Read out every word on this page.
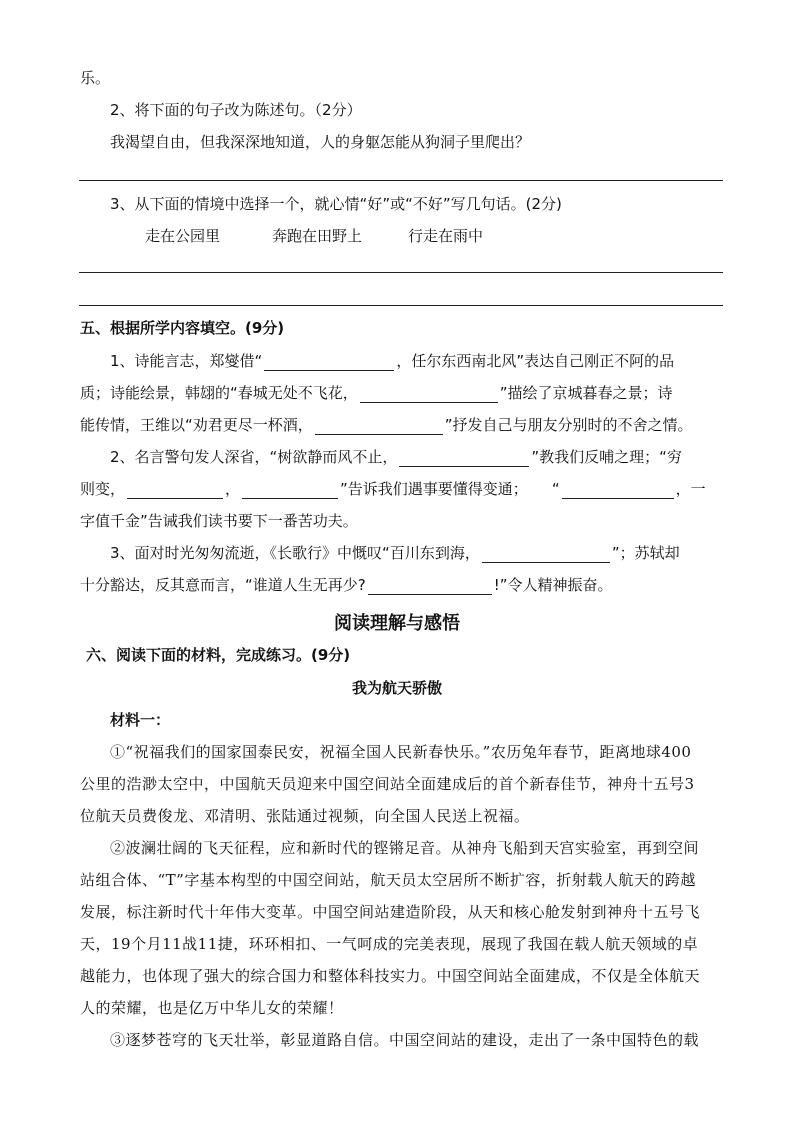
乐。
2、将下面的句子改为陈述句。（2分）
我渴望自由，但我深深地知道，人的身躯怎能从狗洞子里爬出？
3、从下面的情境中选择一个，就心情“好”或“不好”写几句话。(2分)
走在公园里	奔跑在田野上	行走在雨中
五、根据所学内容填空。(9分)
1、诗能言志，郑燮借“	，任尔东西南北风”表达自己刚正不阿的品
质；诗能绘景，韩翃的“春城无处不飞花，	”描绘了京城暮春之景；诗
能传情，王维以“劝君更尽一杯酒，	”抒发自己与朋友分别时的不舍之情。
2、名言警句发人深省，“树欲静而风不止，	”教我们反哺之理；“穷
则变，	，	”告诉我们遇事要懂得变通； “	，一
字值千金”告诫我们读书要下一番苦功夫。
3、面对时光匆匆流逝，《长歌行》中慨叹“百川东到海，	”；苏轼却
十分豁达，反其意而言，“谁道人生无再少?	!”令人精神振奋。
阅读理解与感悟
六、阅读下面的材料，完成练习。(9分)
我为航天骄傲
材料一：
①“祝福我们的国家国泰民安，祝福全国人民新春快乐。”农历兔年春节，距离地球400
公里的浩渺太空中，中国航天员迎来中国空间站全面建成后的首个新春佳节，神舟十五号3
位航天员费俊龙、邓清明、张陆通过视频，向全国人民送上祝福。
②波澜壮阔的飞天征程，应和新时代的铿锵足音。从神舟飞船到天宫实验室，再到空间
站组合体、“T”字基本构型的中国空间站，航天员太空居所不断扩容，折射载人航天的跨越
发展，标注新时代十年伟大变革。中国空间站建造阶段，从天和核心舱发射到神舟十五号飞
天，19个月11战11捷，环环相扣、一气呵成的完美表现，展现了我国在载人航天领域的卓
越能力，也体现了强大的综合国力和整体科技实力。中国空间站全面建成，不仅是全体航天
人的荣耀，也是亿万中华儿女的荣耀！
③逐梦苍穹的飞天壮举，彰显道路自信。中国空间站的建设，走出了一条中国特色的载
